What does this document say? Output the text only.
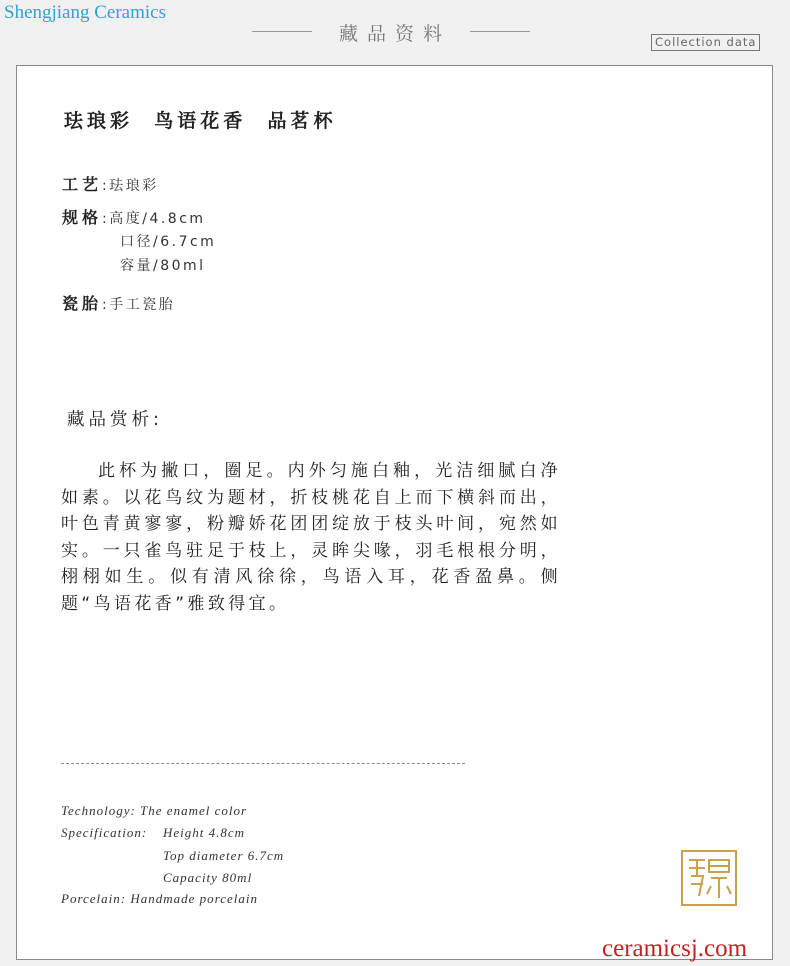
Shengjiang Ceramics
藏品资料	Collection data
珐琅彩  鸟语花香  品茗杯
工艺:珐琅彩
规格:高度/4.8cm
口径/6.7cm
容量/80ml
瓷胎:手工瓷胎
藏品赏析:
此杯为撇口，圈足。内外匀施白釉，光洁细腻白净如素。以花鸟纹为题材，折枝桃花自上而下横斜而出，叶色青黄寥寥，粉瓣娇花团团绽放于枝头叶间，宛然如实。一只雀鸟驻足于枝上，灵眸尖喙，羽毛根根分明，栩栩如生。似有清风徐徐，鸟语入耳，花香盈鼻。侧题“鸟语花香”雅致得宜。
Technology: The enamel color
Specification: Height 4.8cm
Top diameter 6.7cm
Capacity 80ml
Porcelain: Handmade porcelain
ceramicsj.com
